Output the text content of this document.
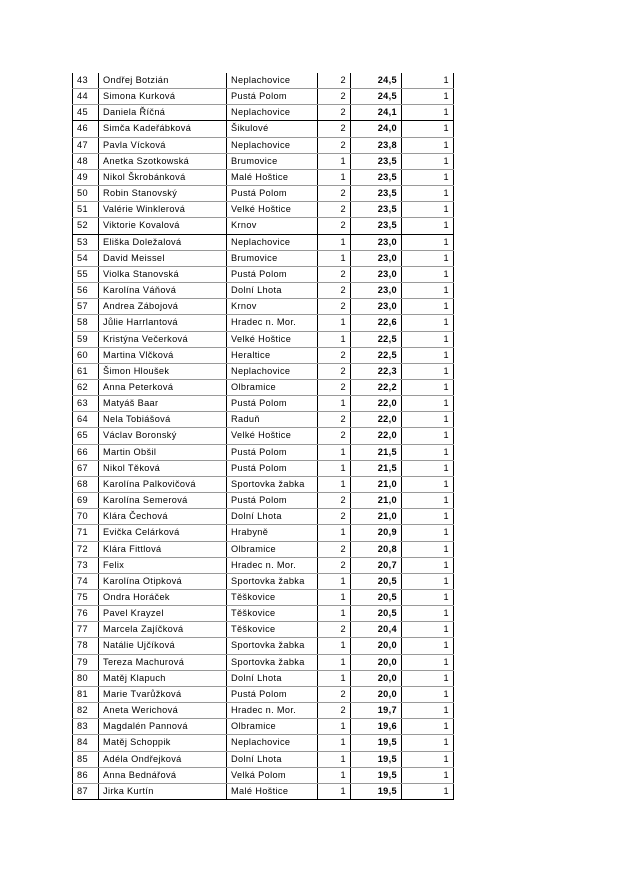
43	Ondřej Botzián	Neplachovice	2	24,5	1
44	Simona Kurková	Pustá Polom	2	24,5	1
45	Daniela Říčná	Neplachovice	2	24,1	1
46	Simča Kadeřábková	Šikulové	2	24,0	1
47	Pavla Vícková	Neplachovice	2	23,8	1
48	Anetka Szotkowská	Brumovice	1	23,5	1
49	Nikol Škrobánková	Malé Hoštice	1	23,5	1
50	Robin Stanovský	Pustá Polom	2	23,5	1
51	Valérie Winklerová	Velké Hoštice	2	23,5	1
52	Viktorie Kovalová	Krnov	2	23,5	1
53	Eliška Doležalová	Neplachovice	1	23,0	1
54	David Meissel	Brumovice	1	23,0	1
55	Violka Stanovská	Pustá Polom	2	23,0	1
56	Karolína Váňová	Dolní Lhota	2	23,0	1
57	Andrea Zábojová	Krnov	2	23,0	1
58	Jůlie Harrlantová	Hradec n. Mor.	1	22,6	1
59	Kristýna Večerková	Velké Hoštice	1	22,5	1
60	Martina Vlčková	Heraltice	2	22,5	1
61	Šimon Hloušek	Neplachovice	2	22,3	1
62	Anna Peterková	Olbramice	2	22,2	1
63	Matyáš Baar	Pustá Polom	1	22,0	1
64	Nela Tobiášová	Raduň	2	22,0	1
65	Václav Boronský	Velké Hoštice	2	22,0	1
66	Martin Obšil	Pustá Polom	1	21,5	1
67	Nikol Těková	Pustá Polom	1	21,5	1
68	Karolína Palkovičová	Sportovka žabka	1	21,0	1
69	Karolína Semerová	Pustá Polom	2	21,0	1
70	Klára Čechová	Dolní Lhota	2	21,0	1
71	Evička Celárková	Hrabyně	1	20,9	1
72	Klára Fittlová	Olbramice	2	20,8	1
73	Felix	Hradec n. Mor.	2	20,7	1
74	Karolína Otipková	Sportovka žabka	1	20,5	1
75	Ondra Horáček	Těškovice	1	20,5	1
76	Pavel Krayzel	Těškovice	1	20,5	1
77	Marcela Zajíčková	Těškovice	2	20,4	1
78	Natálie Ujčíková	Sportovka žabka	1	20,0	1
79	Tereza Machurová	Sportovka žabka	1	20,0	1
80	Matěj Klapuch	Dolní Lhota	1	20,0	1
81	Marie Tvarůžková	Pustá Polom	2	20,0	1
82	Aneta Werichová	Hradec n. Mor.	2	19,7	1
83	Magdalén Pannová	Olbramice	1	19,6	1
84	Matěj Schoppik	Neplachovice	1	19,5	1
85	Adéla Ondřejková	Dolní Lhota	1	19,5	1
86	Anna Bednářová	Velká Polom	1	19,5	1
87	Jirka Kurtín	Malé Hoštice	1	19,5	1
